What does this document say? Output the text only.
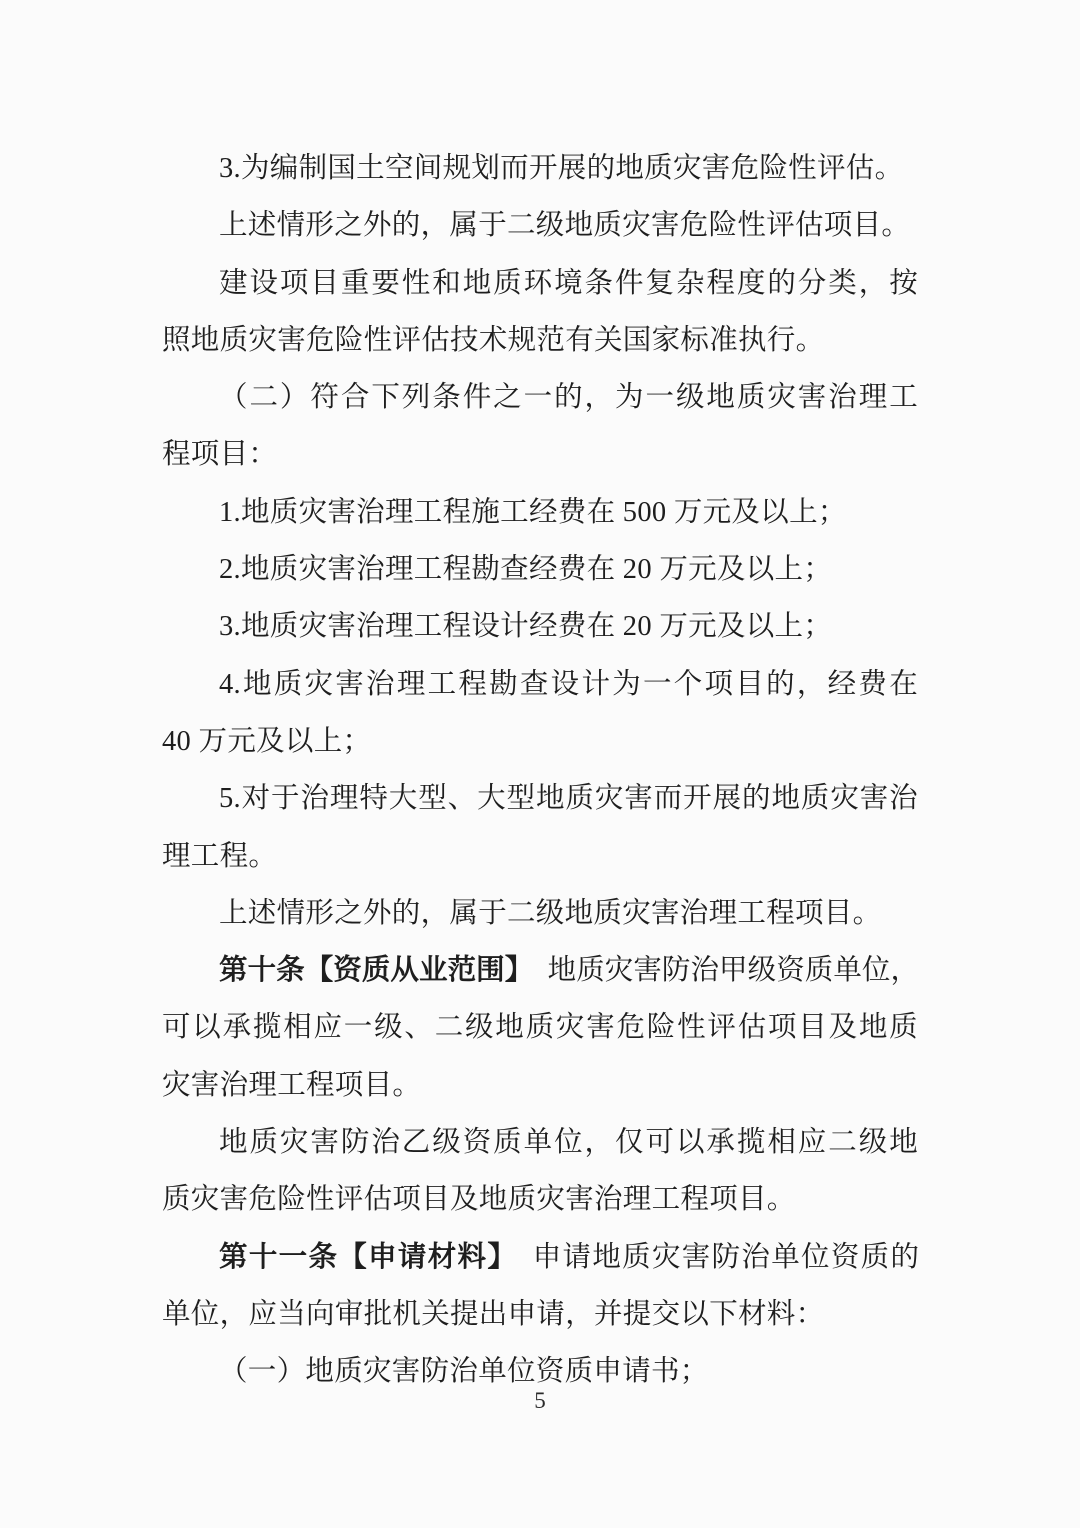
3.为编制国土空间规划而开展的地质灾害危险性评估。
上述情形之外的，属于二级地质灾害危险性评估项目。
建设项目重要性和地质环境条件复杂程度的分类，按
照地质灾害危险性评估技术规范有关国家标准执行。
（二）符合下列条件之一的，为一级地质灾害治理工
程项目：
1.地质灾害治理工程施工经费在 500 万元及以上；
2.地质灾害治理工程勘查经费在 20 万元及以上；
3.地质灾害治理工程设计经费在 20 万元及以上；
4.地质灾害治理工程勘查设计为一个项目的，经费在
40 万元及以上；
5.对于治理特大型、大型地质灾害而开展的地质灾害治
理工程。
上述情形之外的，属于二级地质灾害治理工程项目。
第十条【资质从业范围】　地质灾害防治甲级资质单位，
可以承揽相应一级、二级地质灾害危险性评估项目及地质
灾害治理工程项目。
地质灾害防治乙级资质单位，仅可以承揽相应二级地
质灾害危险性评估项目及地质灾害治理工程项目。
第十一条【申请材料】　申请地质灾害防治单位资质的
单位，应当向审批机关提出申请，并提交以下材料：
（一）地质灾害防治单位资质申请书；
5
